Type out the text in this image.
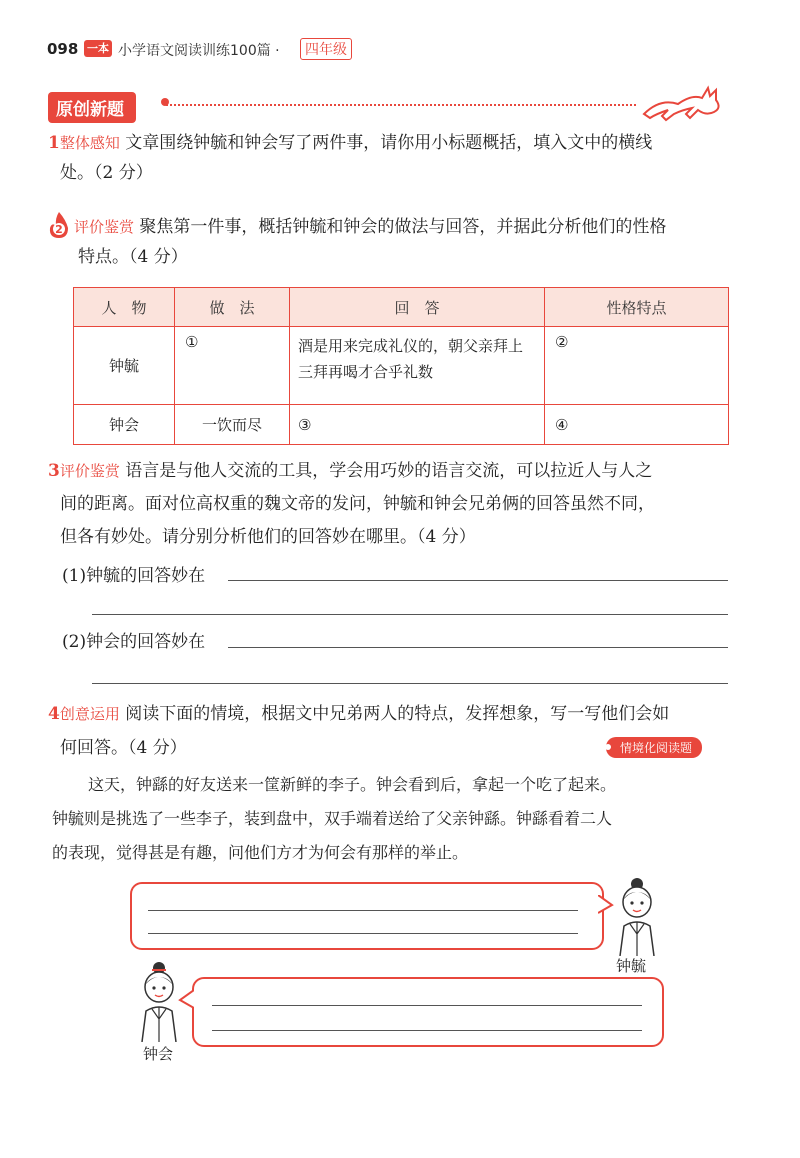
098 一本 小学语文阅读训练100篇 ·	四年级
原创新题
1整体感知 文章围绕钟毓和钟会写了两件事，请你用小标题概括，填入文中的横线
处。（2 分）
2 评价鉴赏 聚焦第一件事，概括钟毓和钟会的做法与回答，并据此分析他们的性格
特点。（4 分）
人　物	做　法	回　答	性格特点
钟毓	①	酒是用来完成礼仪的，朝父亲拜上三拜再喝才合乎礼数	②
钟会	一饮而尽	③	④
3评价鉴赏 语言是与他人交流的工具，学会用巧妙的语言交流，可以拉近人与人之
间的距离。面对位高权重的魏文帝的发问，钟毓和钟会兄弟俩的回答虽然不同，
但各有妙处。请分别分析他们的回答妙在哪里。（4 分）
(1)钟毓的回答妙在
(2)钟会的回答妙在
4创意运用 阅读下面的情境，根据文中兄弟两人的特点，发挥想象，写一写他们会如
何回答。（4 分）	情境化阅读题
这天，钟繇的好友送来一筐新鲜的李子。钟会看到后，拿起一个吃了起来。
钟毓则是挑选了一些李子，装到盘中，双手端着送给了父亲钟繇。钟繇看着二人
的表现，觉得甚是有趣，问他们方才为何会有那样的举止。
钟毓
钟会
